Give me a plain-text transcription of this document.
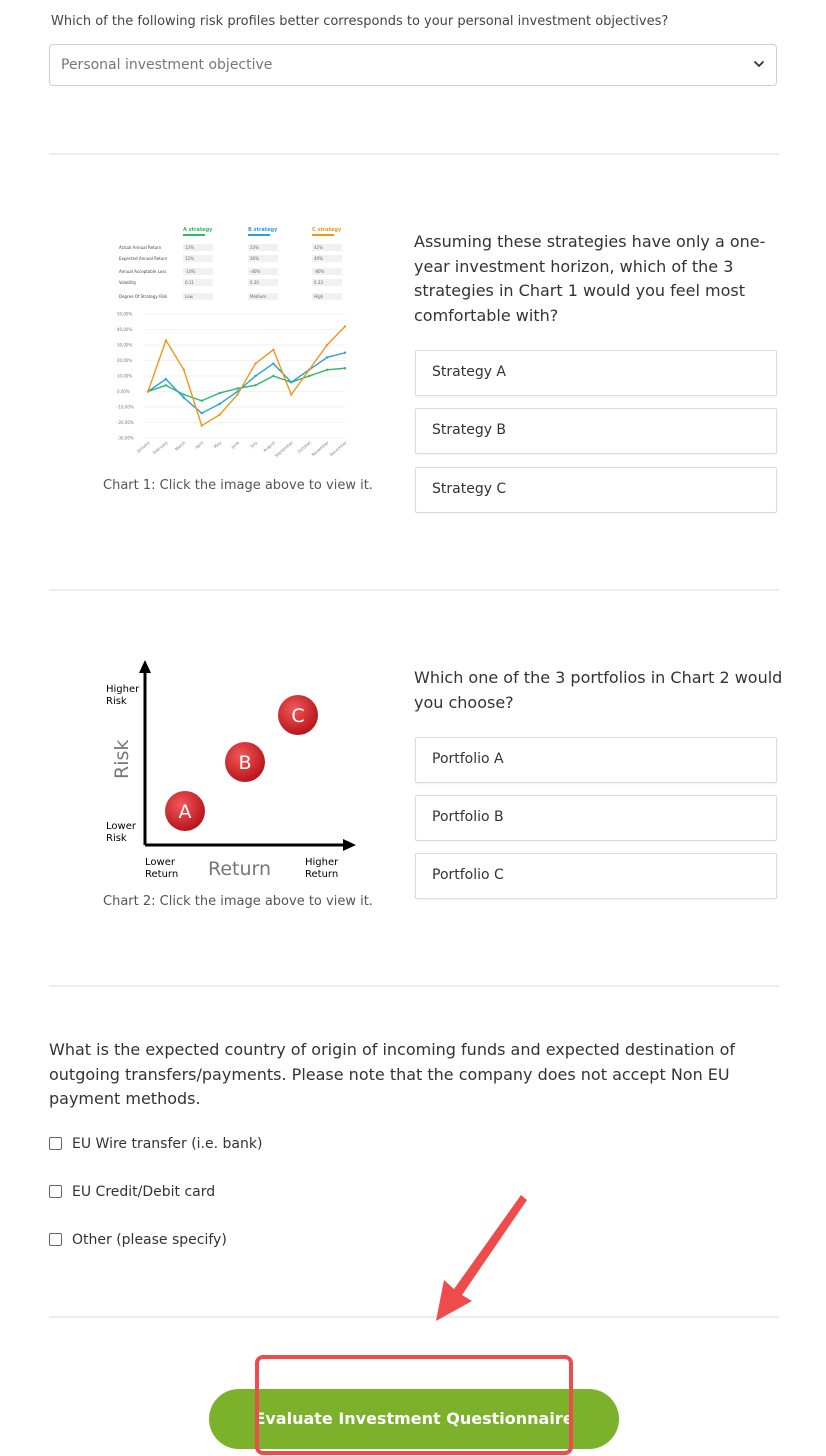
Which of the following risk profiles better corresponds to your personal investment objectives?
Personal investment objective
A strategy	B strategy	C strategy
Actual Annual Return	13%	23%	42%
Expected Annual Return	12%	26%	40%
Annual Acceptable Loss	-10%	-40%	-80%
Volatility	0.11	0.20	0.23
Degree Of Strategy Risk	Low	Medium	High
50,00%
40,00%
30,00%
20,00%
10,00%
0,00%
-10,00%
-20,00%
-30,00%
January February March April May June July August
September October
November
December
Chart 1: Click the image above to view it.
Assuming these strategies have only a one-year investment horizon, which of the 3 strategies in Chart 1 would you feel most comfortable with?
Strategy A
Strategy B
Strategy C
Higher
Risk
Lower
Risk
Risk
Lower
Return Return	Higher
Return
A
B
C
Chart 2: Click the image above to view it.
Which one of the 3 portfolios in Chart 2 would you choose?
Portfolio A
Portfolio B
Portfolio C
What is the expected country of origin of incoming funds and expected destination of outgoing transfers/payments. Please note that the company does not accept Non EU payment methods.
EU Wire transfer (i.e. bank)
EU Credit/Debit card
Other (please specify)
Evaluate Investment Questionnaire
